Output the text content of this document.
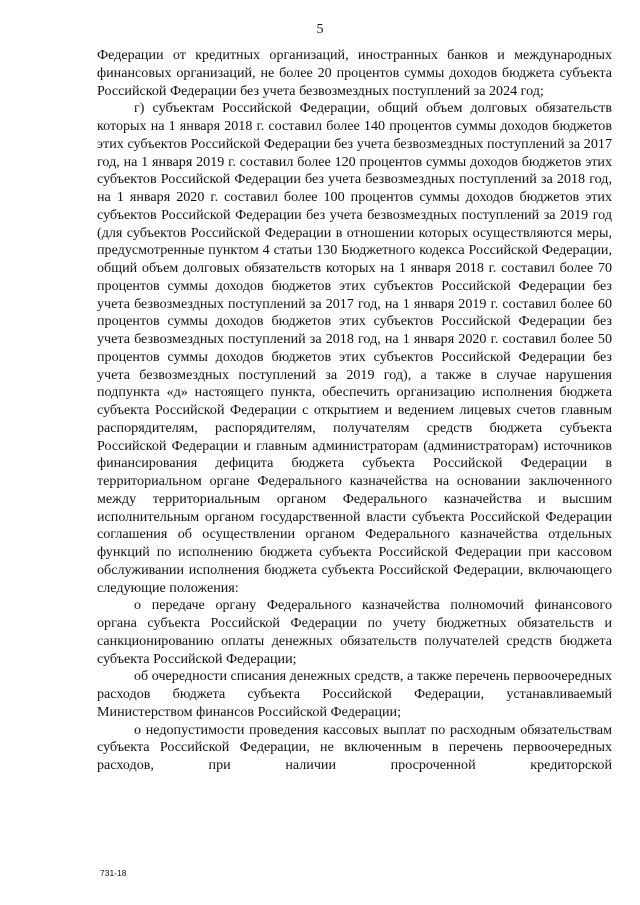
5

Федерации от кредитных организаций, иностранных банков и международных финансовых организаций, не более 20 процентов суммы доходов бюджета субъекта Российской Федерации без учета безвозмездных поступлений за 2024 год;

г) субъектам Российской Федерации, общий объем долговых обязательств которых на 1 января 2018 г. составил более 140 процентов суммы доходов бюджетов этих субъектов Российской Федерации без учета безвозмездных поступлений за 2017 год, на 1 января 2019 г. составил более 120 процентов суммы доходов бюджетов этих субъектов Российской Федерации без учета безвозмездных поступлений за 2018 год, на 1 января 2020 г. составил более 100 процентов суммы доходов бюджетов этих субъектов Российской Федерации без учета безвозмездных поступлений за 2019 год (для субъектов Российской Федерации в отношении которых осуществляются меры, предусмотренные пунктом 4 статьи 130 Бюджетного кодекса Российской Федерации, общий объем долговых обязательств которых на 1 января 2018 г. составил более 70 процентов суммы доходов бюджетов этих субъектов Российской Федерации без учета безвозмездных поступлений за 2017 год, на 1 января 2019 г. составил более 60 процентов суммы доходов бюджетов этих субъектов Российской Федерации без учета безвозмездных поступлений за 2018 год, на 1 января 2020 г. составил более 50 процентов суммы доходов бюджетов этих субъектов Российской Федерации без учета безвозмездных поступлений за 2019 год), а также в случае нарушения подпункта «д» настоящего пункта, обеспечить организацию исполнения бюджета субъекта Российской Федерации с открытием и ведением лицевых счетов главным распорядителям, распорядителям, получателям средств бюджета субъекта Российской Федерации и главным администраторам (администраторам) источников финансирования дефицита бюджета субъекта Российской Федерации в территориальном органе Федерального казначейства на основании заключенного между территориальным органом Федерального казначейства и высшим исполнительным органом государственной власти субъекта Российской Федерации соглашения об осуществлении органом Федерального казначейства отдельных функций по исполнению бюджета субъекта Российской Федерации при кассовом обслуживании исполнения бюджета субъекта Российской Федерации, включающего следующие положения:

о передаче органу Федерального казначейства полномочий финансового органа субъекта Российской Федерации по учету бюджетных обязательств и санкционированию оплаты денежных обязательств получателей средств бюджета субъекта Российской Федерации;

об очередности списания денежных средств, а также перечень первоочередных расходов бюджета субъекта Российской Федерации, устанавливаемый Министерством финансов Российской Федерации;

о недопустимости проведения кассовых выплат по расходным обязательствам субъекта Российской Федерации, не включенным в перечень первоочередных расходов, при наличии просроченной кредиторской

731-18
